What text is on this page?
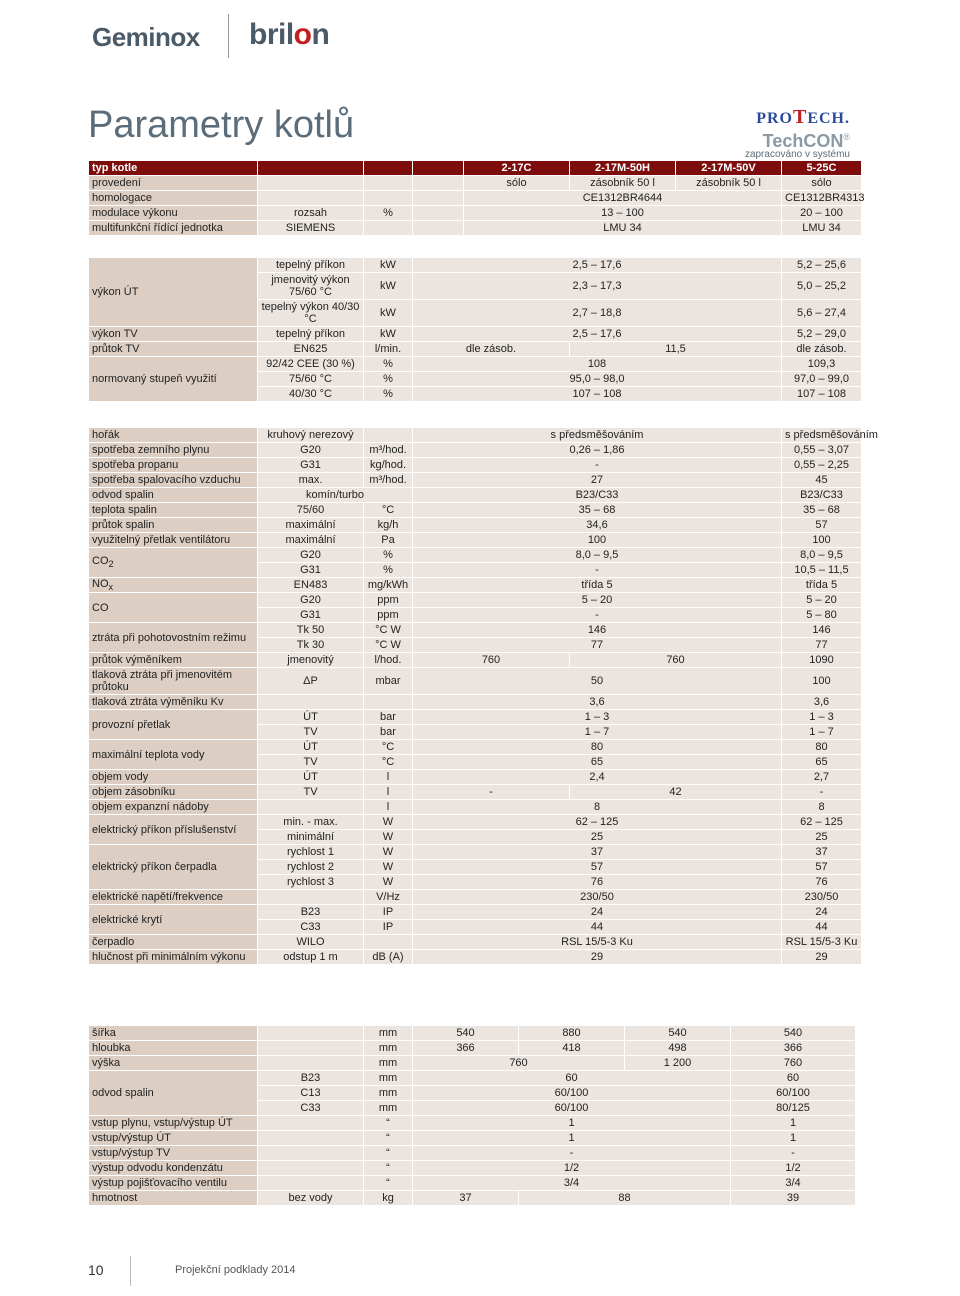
Geminox brilon
Parametry kotlů	PROTECH.
TechCON®
zapracováno v systému
typ kotle				2-17C	2-17M-50H	2-17M-50V	5-25C
provedení				sólo	zásobník 50 l	zásobník 50 l	sólo
homologace				CE1312BR4644			CE1312BR4313
modulace výkonu	rozsah	%		13 – 100			20 – 100
multifunkční řídící jednotka	SIEMENS			LMU 34			LMU 34
výkon ÚT	tepelný příkon	kW	2,5 – 17,6		5,2 – 25,6
	jmenovitý výkon 75/60 °C	kW	2,3 – 17,3		5,0 – 25,2
	tepelný výkon 40/30 °C	kW	2,7 – 18,8		5,6 – 27,4
výkon TV	tepelný příkon	kW	2,5 – 17,6		5,2 – 29,0
průtok TV	EN625	l/min.	dle zásob.	11,5	dle zásob.
normovaný stupeň využití	92/42 CEE (30 %)	%	108		109,3
	75/60 °C	%	95,0 – 98,0		97,0 – 99,0
	40/30 °C	%	107 – 108		107 – 108
hořák	kruhový nerezový		s předsměšováním		s předsměšováním
spotřeba zemního plynu	G20	m³/hod.	0,26 – 1,86		0,55 – 3,07
spotřeba propanu	G31	kg/hod.	-		0,55 – 2,25
spotřeba spalovacího vzduchu	max.	m³/hod.	27		45
odvod spalin	komín/turbo		B23/C33		B23/C33
teplota spalin	75/60	°C	35 – 68		35 – 68
průtok spalin	maximální	kg/h	34,6		57
využitelný přetlak ventilátoru	maximální	Pa	100		100
$CO_2$	G20	%	8,0 – 9,5		8,0 – 9,5
	G31	%	-		10,5 – 11,5
$NO_x$	EN483	mg/kWh	třída 5		třída 5
CO	G20	ppm	5 – 20		5 – 20
	G31	ppm	-		5 – 80
ztráta při pohotovostním režimu	Tk 50	°C W	146		146
	Tk 30	°C W	77		77
průtok výměníkem	jmenovitý	l/hod.	760	760	1090
tlaková ztráta při jmenovitém průtoku	ΔP	mbar	50		100
tlaková ztráta výměníku Kv			3,6		3,6
provozní přetlak	ÚT	bar	1 – 3		1 – 3
	TV	bar	1 – 7		1 – 7
maximální teplota vody	ÚT	°C	80		80
	TV	°C	65		65
objem vody	ÚT	l	2,4		2,7
objem zásobníku	TV	l	-	42	-
objem expanzní nádoby		l	8		8
elektrický příkon příslušenství	min. - max.	W	62 – 125		62 – 125
	minimální	W	25		25
elektrický příkon čerpadla	rychlost 1	W	37		37
	rychlost 2	W	57		57
	rychlost 3	W	76		76
elektrické napětí/frekvence		V/Hz	230/50		230/50
elektrické krytí	B23	IP	24		24
	C33	IP	44		44
čerpadlo	WILO		RSL 15/5-3 Ku		RSL 15/5-3 Ku
hlučnost při minimálním výkonu	odstup 1 m	dB (A)	29		29
šířka		mm	540	880	540	540
hloubka		mm	366	418	498	366
výška		mm	760		1 200	760
odvod spalin	B23	mm	60			60
	C13	mm	60/100			60/100
	C33	mm	60/100			80/125
vstup plynu, vstup/výstup ÚT		“	1			1
vstup/výstup ÚT		“	1			1
vstup/výstup TV		“	-			-
výstup odvodu kondenzátu		“	1/2			1/2
výstup pojišťovacího ventilu		“	3/4			3/4
hmotnost	bez vody	kg	37	88		39
10	Projekční podklady 2014
